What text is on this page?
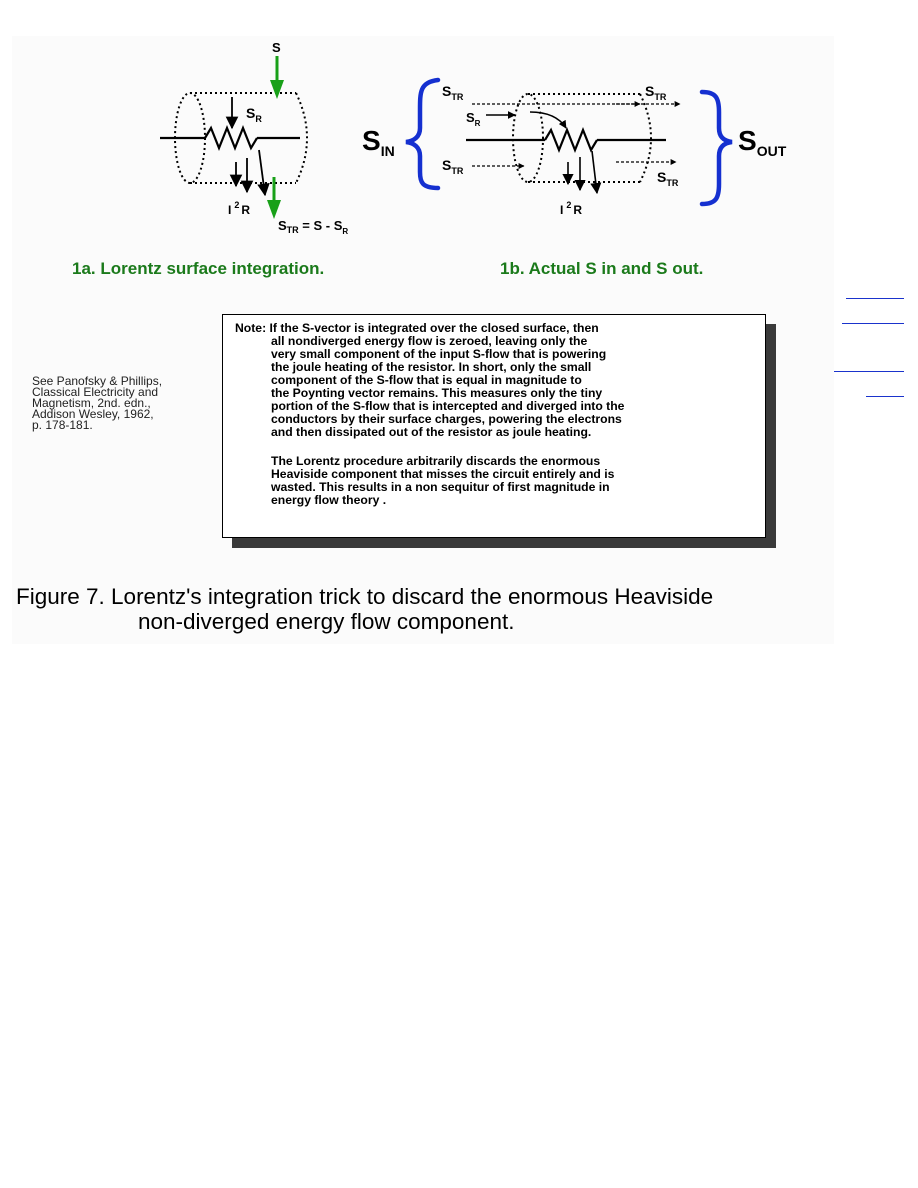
S
$S_R$
I $^2$ R
$S_{TR} = S - S_R$
$S_{IN}$	$S_{OUT}$
$S_{TR}$
$S_R$
$S_{TR}$
$S_{TR}$
$S_{TR}$
I $^2$ R
1a. Lorentz surface integration.	1b. Actual S in and S out.
See Panofsky & Phillips,
Classical Electricity and
Magnetism, 2nd. edn.,
Addison Wesley, 1962,
p. 178-181.
Note: If the S-vector is integrated over the closed surface, then
all nondiverged energy flow is zeroed, leaving only the
very small component of the input S-flow that is powering
the joule heating of the resistor. In short, only the small
component of the S-flow that is equal in magnitude to
the Poynting vector remains. This measures only the tiny
portion of the S-flow that is intercepted and diverged into the
conductors by their surface charges, powering the electrons
and then dissipated out of the resistor as joule heating.
The Lorentz procedure arbitrarily discards the enormous
Heaviside component that misses the circuit entirely and is
wasted. This results in a non sequitur of first magnitude in
energy flow theory .
Figure 7. Lorentz's integration trick to discard the enormous Heaviside
non-diverged energy flow component.
